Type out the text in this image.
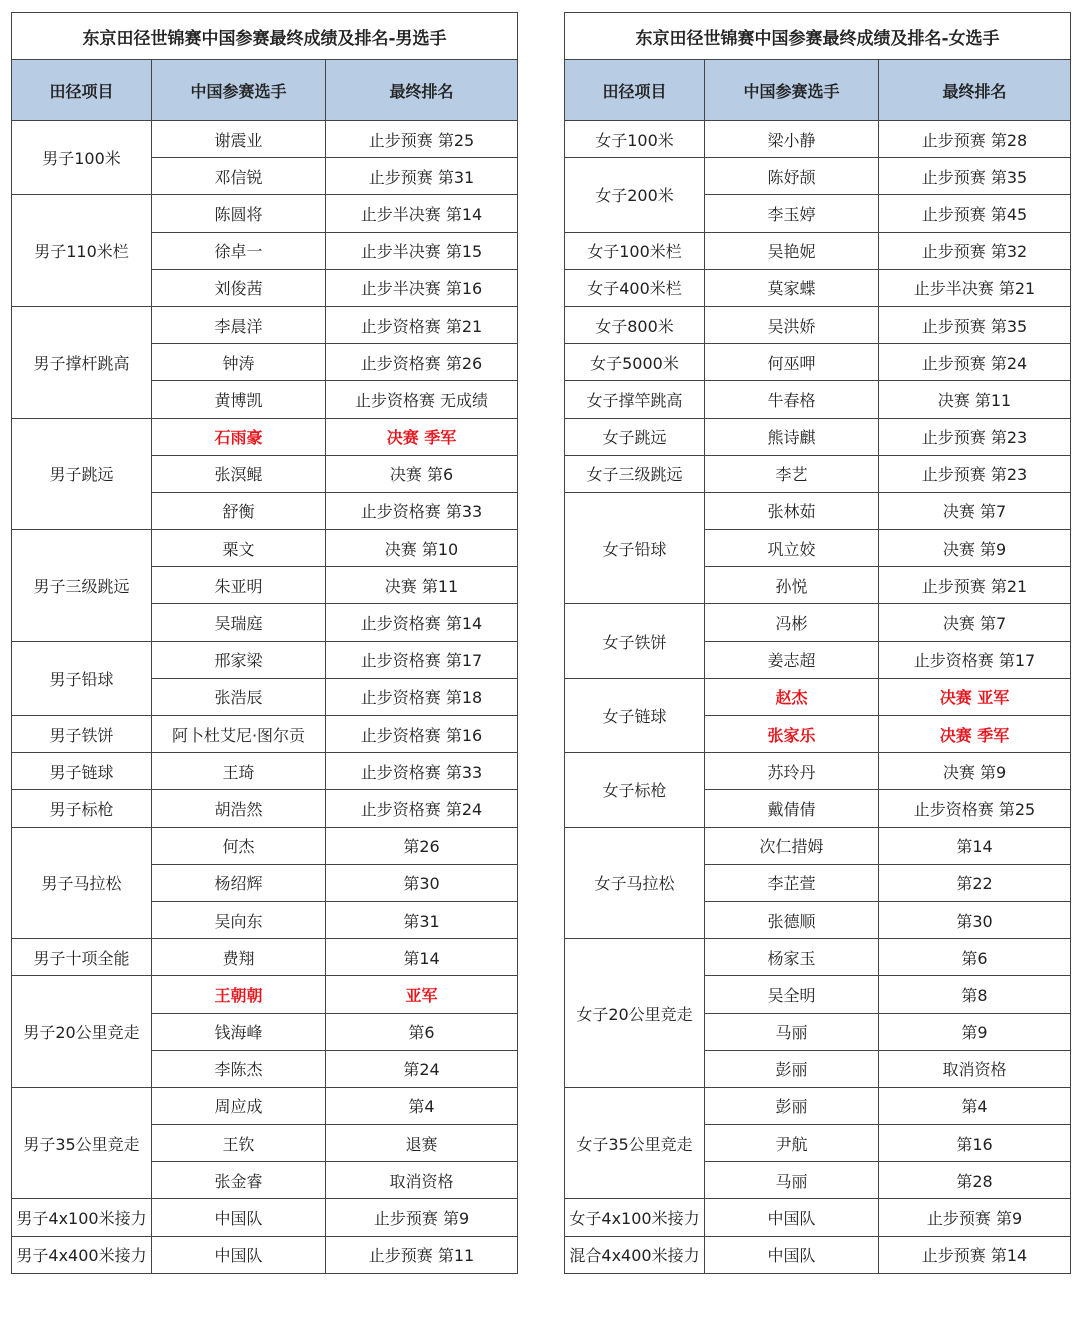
东京田径世锦赛中国参赛最终成绩及排名-男选手		
田径项目	中国参赛选手	最终排名
男子100米	谢震业	止步预赛 第25
	邓信锐	止步预赛 第31
男子110米栏	陈圆将	止步半决赛 第14
	徐卓一	止步半决赛 第15
	刘俊茜	止步半决赛 第16
男子撑杆跳高	李晨洋	止步资格赛 第21
	钟涛	止步资格赛 第26
	黄博凯	止步资格赛 无成绩
男子跳远	石雨豪	决赛 季军
	张溟鲲	决赛 第6
	舒衡	止步资格赛 第33
男子三级跳远	栗文	决赛 第10
	朱亚明	决赛 第11
	吴瑞庭	止步资格赛 第14
男子铅球	邢家梁	止步资格赛 第17
	张浩辰	止步资格赛 第18
男子铁饼	阿卜杜艾尼·图尔贡	止步资格赛 第16
男子链球	王琦	止步资格赛 第33
男子标枪	胡浩然	止步资格赛 第24
男子马拉松	何杰	第26
	杨绍辉	第30
	吴向东	第31
男子十项全能	费翔	第14
男子20公里竞走	王朝朝	亚军
	钱海峰	第6
	李陈杰	第24
男子35公里竞走	周应成	第4
	王钦	退赛
	张金睿	取消资格
男子4x100米接力	中国队	止步预赛 第9
男子4x400米接力	中国队	止步预赛 第11
东京田径世锦赛中国参赛最终成绩及排名-女选手		
田径项目	中国参赛选手	最终排名
女子100米	梁小静	止步预赛 第28
女子200米	陈妤颉	止步预赛 第35
	李玉婷	止步预赛 第45
女子100米栏	吴艳妮	止步预赛 第32
女子400米栏	莫家蝶	止步半决赛 第21
女子800米	吴洪娇	止步预赛 第35
女子5000米	何巫呷	止步预赛 第24
女子撑竿跳高	牛春格	决赛 第11
女子跳远	熊诗麒	止步预赛 第23
女子三级跳远	李艺	止步预赛 第23
女子铅球	张林茹	决赛 第7
	巩立姣	决赛 第9
	孙悦	止步预赛 第21
女子铁饼	冯彬	决赛 第7
	姜志超	止步资格赛 第17
女子链球	赵杰	决赛 亚军
	张家乐	决赛 季军
女子标枪	苏玲丹	决赛 第9
	戴倩倩	止步资格赛 第25
女子马拉松	次仁措姆	第14
	李芷萱	第22
	张德顺	第30
女子20公里竞走	杨家玉	第6
	吴全明	第8
	马丽	第9
	彭丽	取消资格
女子35公里竞走	彭丽	第4
	尹航	第16
	马丽	第28
女子4x100米接力	中国队	止步预赛 第9
混合4x400米接力	中国队	止步预赛 第14
